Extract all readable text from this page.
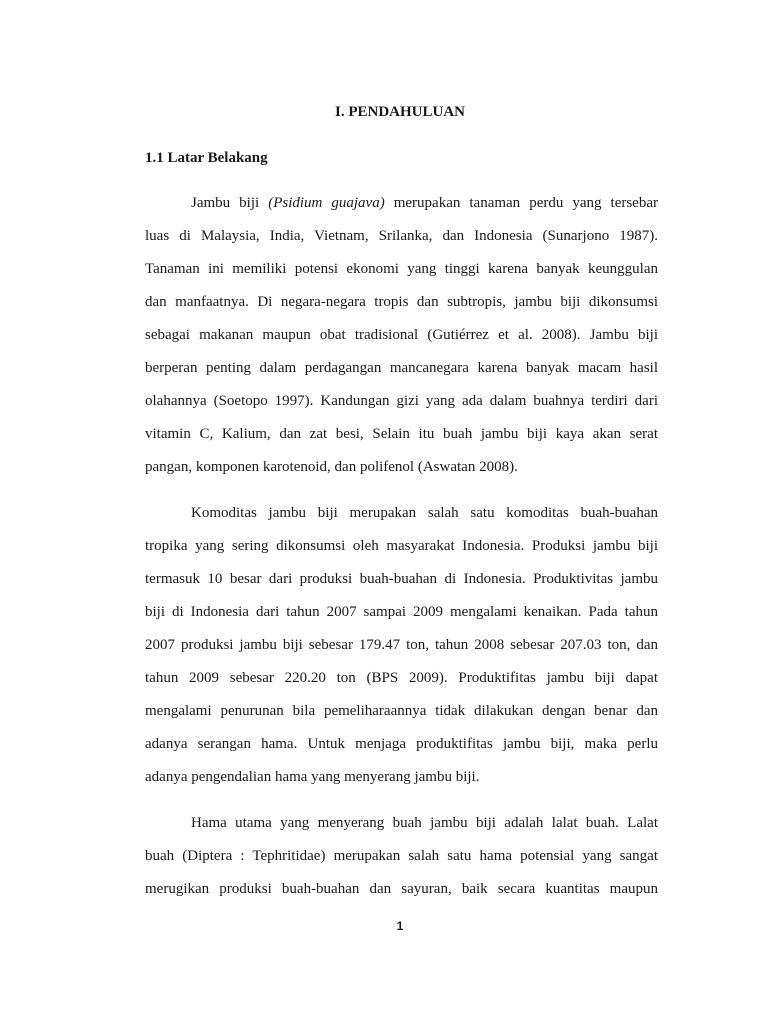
I. PENDAHULUAN
1.1 Latar Belakang
Jambu biji (Psidium guajava) merupakan tanaman perdu yang tersebar
luas di Malaysia, India, Vietnam, Srilanka, dan Indonesia (Sunarjono 1987).
Tanaman ini memiliki potensi ekonomi yang tinggi karena banyak keunggulan
dan manfaatnya. Di negara-negara tropis dan subtropis, jambu biji dikonsumsi
sebagai makanan maupun obat tradisional (Gutiérrez et al. 2008). Jambu biji
berperan penting dalam perdagangan mancanegara karena banyak macam hasil
olahannya (Soetopo 1997). Kandungan gizi yang ada dalam buahnya terdiri dari
vitamin C, Kalium, dan zat besi, Selain itu buah jambu biji kaya akan serat
pangan, komponen karotenoid, dan polifenol (Aswatan 2008).
Komoditas jambu biji merupakan salah satu komoditas buah-buahan
tropika yang sering dikonsumsi oleh masyarakat Indonesia. Produksi jambu biji
termasuk 10 besar dari produksi buah-buahan di Indonesia. Produktivitas jambu
biji di Indonesia dari tahun 2007 sampai 2009 mengalami kenaikan. Pada tahun
2007 produksi jambu biji sebesar 179.47 ton, tahun 2008 sebesar 207.03 ton, dan
tahun 2009 sebesar 220.20 ton (BPS 2009). Produktifitas jambu biji dapat
mengalami penurunan bila pemeliharaannya tidak dilakukan dengan benar dan
adanya serangan hama. Untuk menjaga produktifitas jambu biji, maka perlu
adanya pengendalian hama yang menyerang jambu biji.
Hama utama yang menyerang buah jambu biji adalah lalat buah. Lalat
buah (Diptera : Tephritidae) merupakan salah satu hama potensial yang sangat
merugikan produksi buah-buahan dan sayuran, baik secara kuantitas maupun
1
